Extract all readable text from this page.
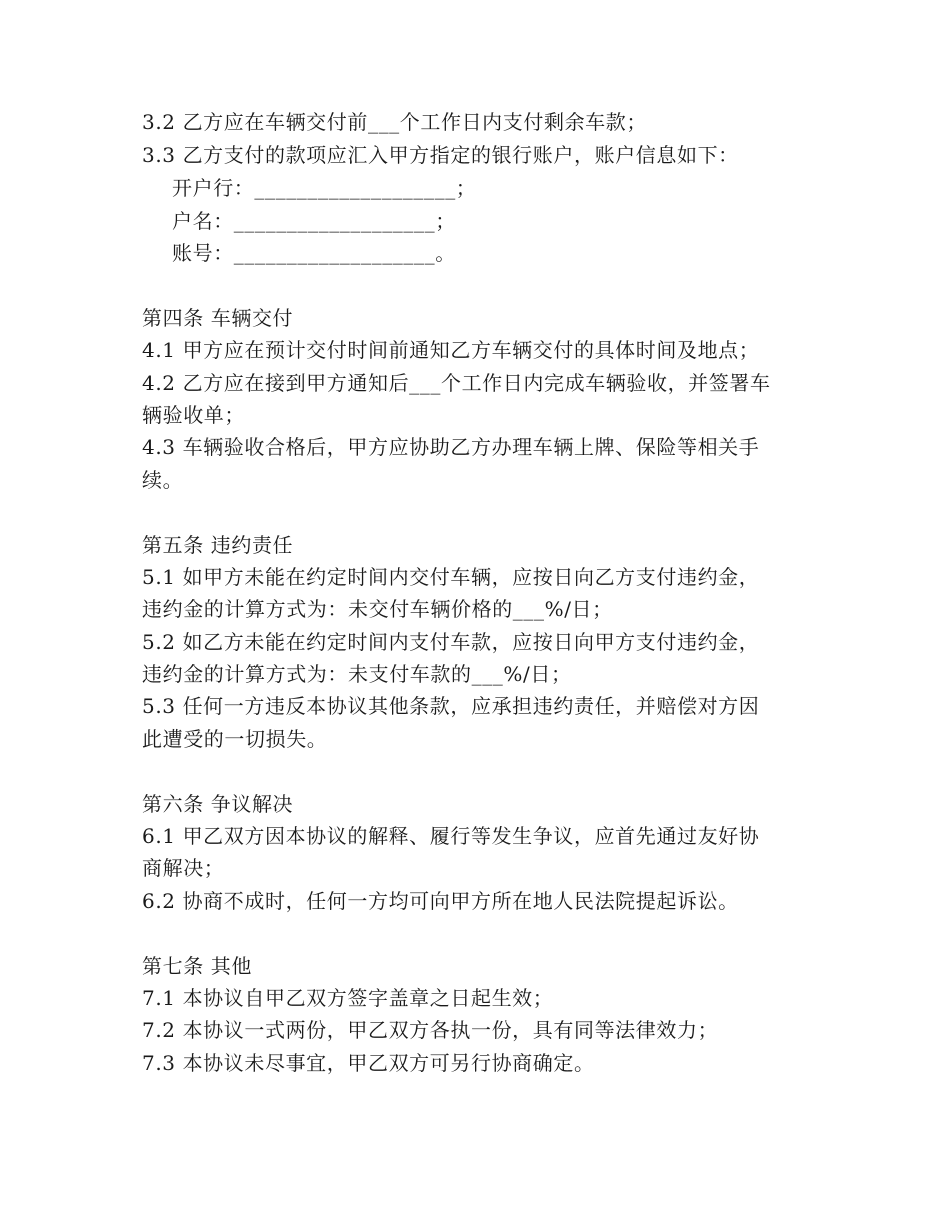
3.2 乙方应在车辆交付前___个工作日内支付剩余车款；
3.3 乙方支付的款项应汇入甲方指定的银行账户，账户信息如下：
开户行：___________________；
户名：___________________；
账号：___________________。
第四条 车辆交付
4.1 甲方应在预计交付时间前通知乙方车辆交付的具体时间及地点；
4.2 乙方应在接到甲方通知后___个工作日内完成车辆验收，并签署车
辆验收单；
4.3 车辆验收合格后，甲方应协助乙方办理车辆上牌、保险等相关手
续。
第五条 违约责任
5.1 如甲方未能在约定时间内交付车辆，应按日向乙方支付违约金，
违约金的计算方式为：未交付车辆价格的___%/日；
5.2 如乙方未能在约定时间内支付车款，应按日向甲方支付违约金，
违约金的计算方式为：未支付车款的___%/日；
5.3 任何一方违反本协议其他条款，应承担违约责任，并赔偿对方因
此遭受的一切损失。
第六条 争议解决
6.1 甲乙双方因本协议的解释、履行等发生争议，应首先通过友好协
商解决；
6.2 协商不成时，任何一方均可向甲方所在地人民法院提起诉讼。
第七条 其他
7.1 本协议自甲乙双方签字盖章之日起生效；
7.2 本协议一式两份，甲乙双方各执一份，具有同等法律效力；
7.3 本协议未尽事宜，甲乙双方可另行协商确定。
